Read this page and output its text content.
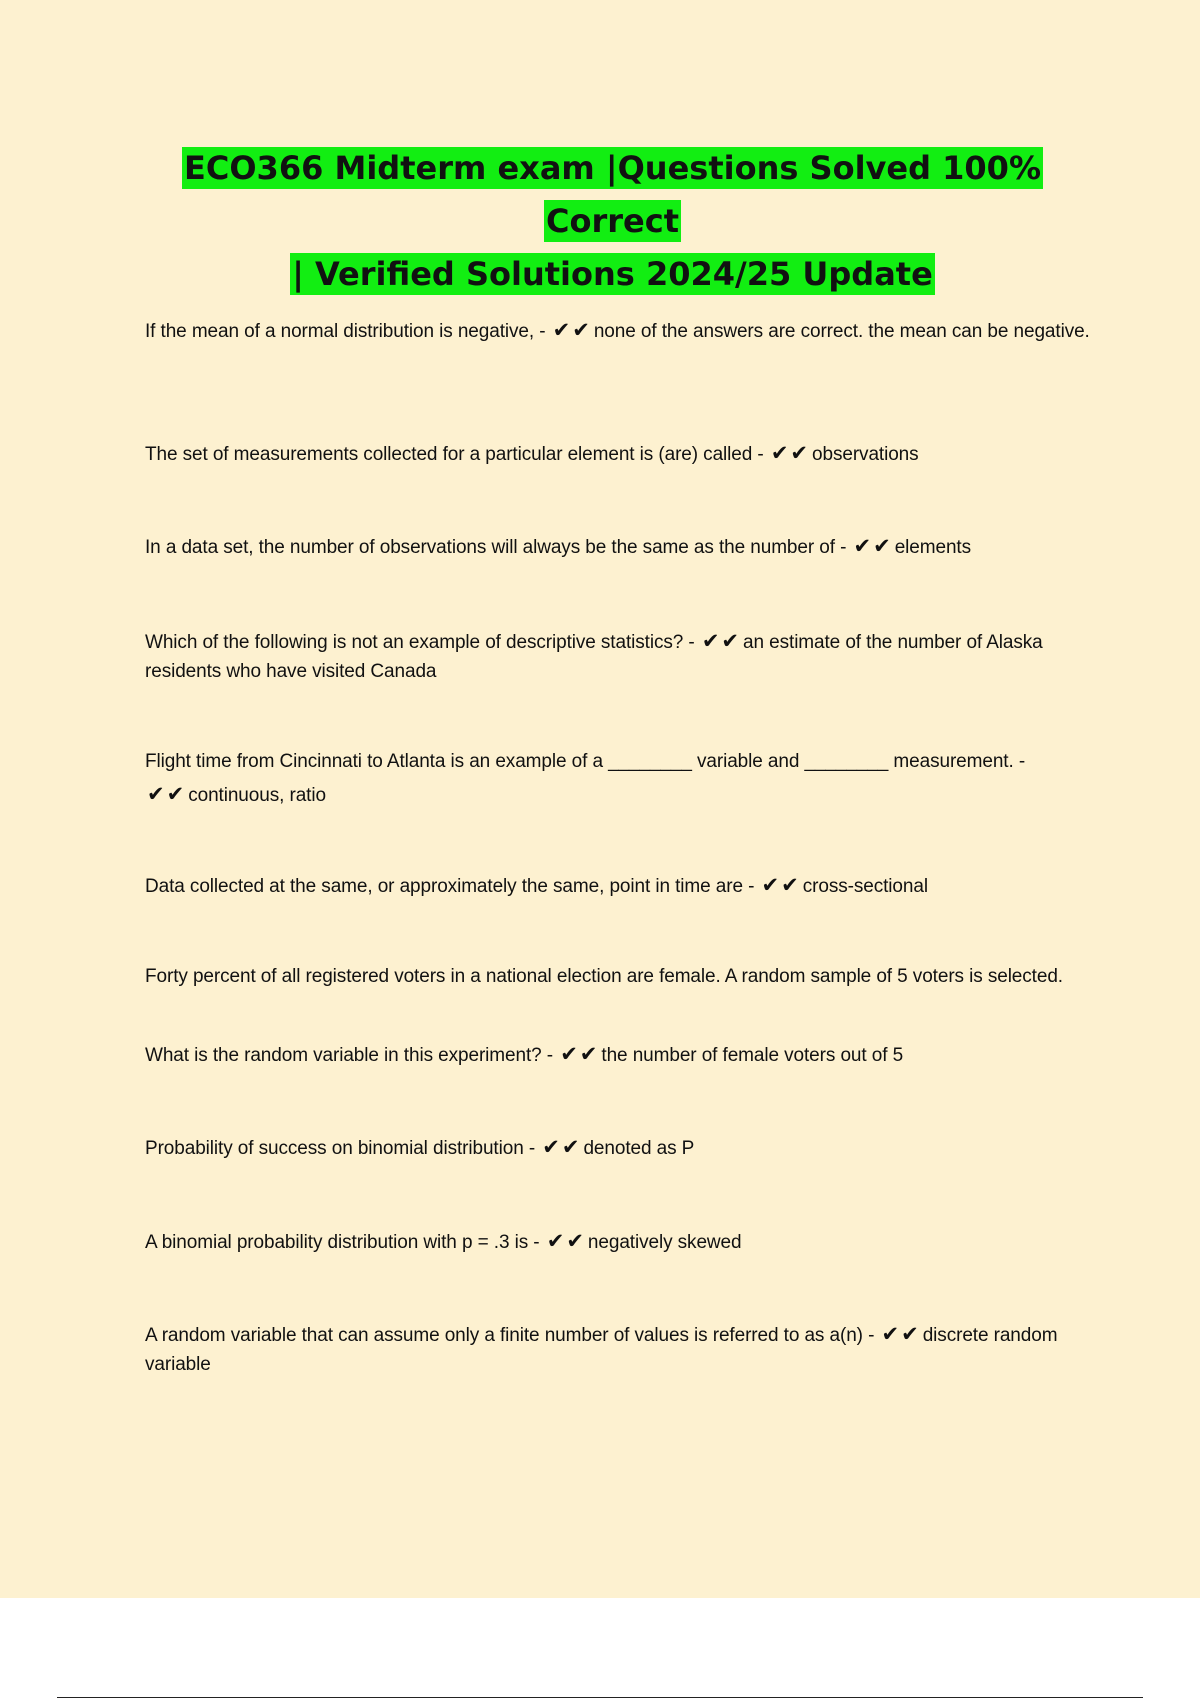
ECO366 Midterm exam |Questions Solved 100% Correct
| Verified Solutions 2024/25 Update

If the mean of a normal distribution is negative, - ✔✔ none of the answers are correct. the mean can be negative.

The set of measurements collected for a particular element is (are) called - ✔✔ observations

In a data set, the number of observations will always be the same as the number of - ✔✔ elements

Which of the following is not an example of descriptive statistics? - ✔✔ an estimate of the number of Alaska residents who have visited Canada

Flight time from Cincinnati to Atlanta is an example of a ________ variable and ________ measurement. - ✔✔ continuous, ratio

Data collected at the same, or approximately the same, point in time are - ✔✔ cross-sectional

Forty percent of all registered voters in a national election are female. A random sample of 5 voters is selected.

What is the random variable in this experiment? - ✔✔ the number of female voters out of 5

Probability of success on binomial distribution - ✔✔ denoted as P

A binomial probability distribution with p = .3 is - ✔✔ negatively skewed

A random variable that can assume only a finite number of values is referred to as a(n) - ✔✔ discrete random variable
